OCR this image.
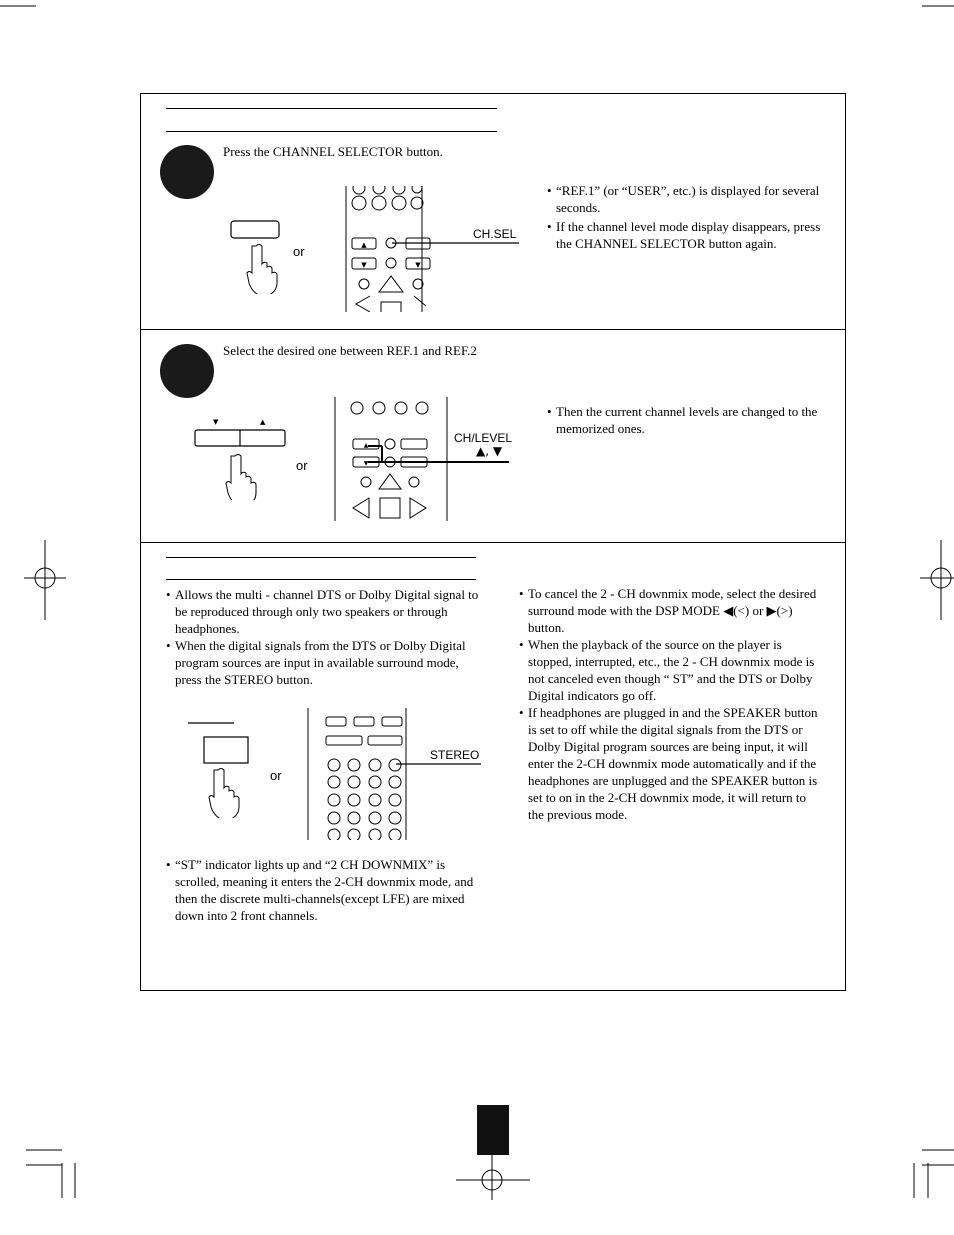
Press the CHANNEL SELECTOR button.
or	▲
▼	▼
CH.SEL
• “REF.1” (or “USER”, etc.) is displayed for several seconds.
• If the channel level mode display disappears, press the CHANNEL SELECTOR button again.
Select the desired one between REF.1 and REF.2
▼	▲
or
▲
▼
CH/LEVEL
▲, ▼
• Then the current channel levels are changed to the memorized ones.
• Allows the multi - channel DTS or Dolby Digital signal to be reproduced through only two speakers or through headphones.
• When the digital signals from the DTS or Dolby Digital program sources are input in available surround mode, press the STEREO button.
or
STEREO
• “ST” indicator lights up and “2 CH DOWNMIX” is scrolled, meaning it enters the 2-CH downmix mode, and then the discrete multi-channels(except LFE) are mixed down into 2 front channels.
• To cancel the 2 - CH downmix mode, select the desired surround mode with the DSP MODE ◀(<) or ▶(>) button.
• When the playback of the source on the player is stopped, interrupted, etc., the 2 - CH downmix mode is not canceled even though “ ST” and the DTS or Dolby Digital indicators go off.
• If headphones are plugged in and the SPEAKER button is set to off while the digital signals from the DTS or Dolby Digital program sources are being input, it will enter the 2-CH downmix mode automatically and if the headphones are unplugged and the SPEAKER button is set to on in the 2-CH downmix mode, it will return to the previous mode.
